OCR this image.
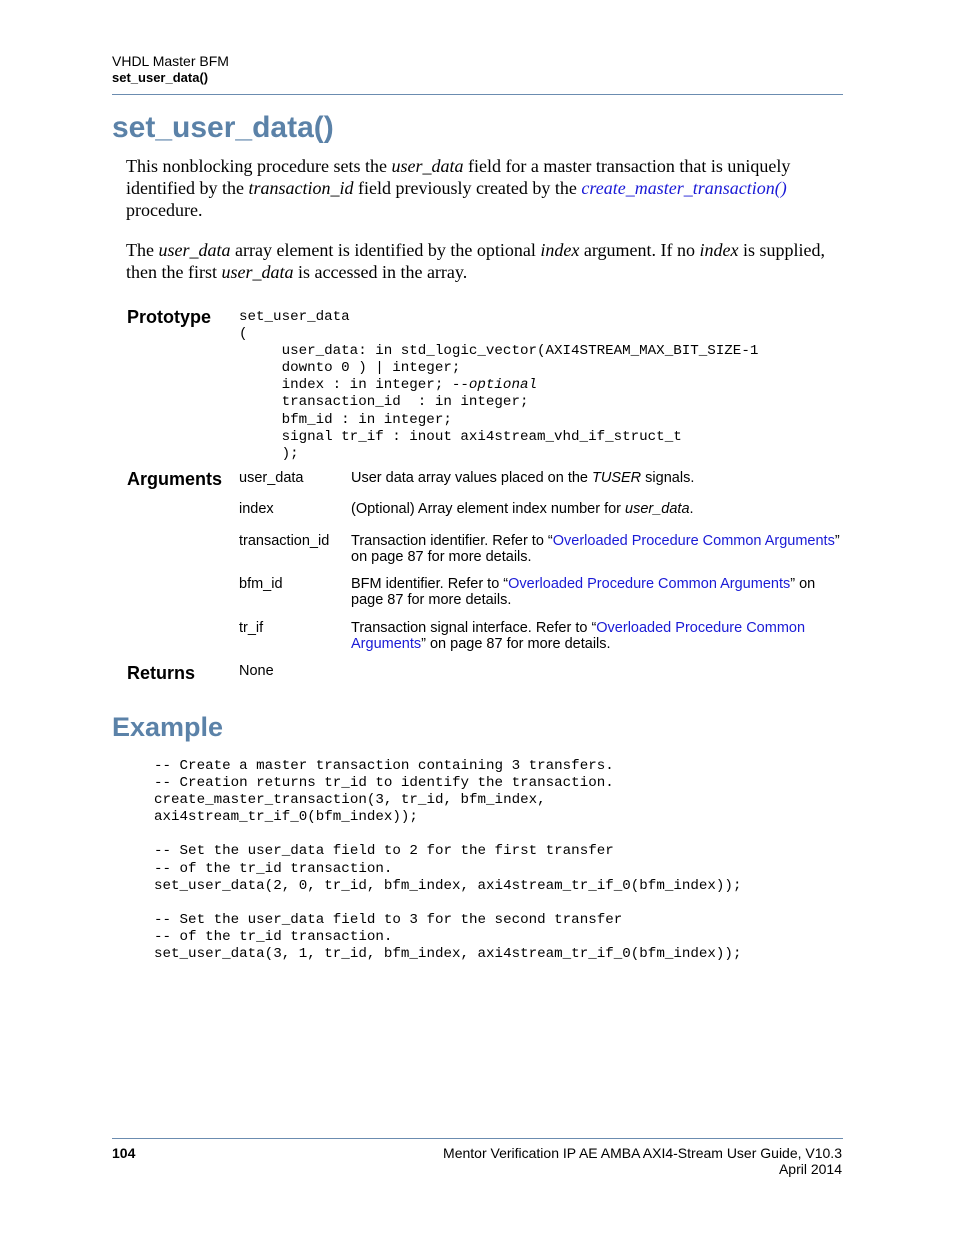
VHDL Master BFM
set_user_data()
set_user_data()

This nonblocking procedure sets the user_data field for a master transaction that is uniquely identified by the transaction_id field previously created by the create_master_transaction() procedure.

The user_data array element is identified by the optional index argument. If no index is supplied, then the first user_data is accessed in the array.

Prototype set_user_data
(
user_data: in std_logic_vector(AXI4STREAM_MAX_BIT_SIZE-1
downto 0 ) | integer;
index : in integer; --optional
transaction_id  : in integer;
bfm_id : in integer;
signal tr_if : inout axi4stream_vhd_if_struct_t
);
Arguments user_data	User data array values placed on the TUSER signals.
index	(Optional) Array element index number for user_data.
transaction_id Transaction identifier. Refer to “Overloaded Procedure Common Arguments” on page 87 for more details.
bfm_id	BFM identifier. Refer to “Overloaded Procedure Common Arguments” on page 87 for more details.
tr_if	Transaction signal interface. Refer to “Overloaded Procedure Common Arguments” on page 87 for more details.
Returns	None
Example
-- Create a master transaction containing 3 transfers.
-- Creation returns tr_id to identify the transaction.
create_master_transaction(3, tr_id, bfm_index,
axi4stream_tr_if_0(bfm_index));

-- Set the user_data field to 2 for the first transfer
-- of the tr_id transaction.
set_user_data(2, 0, tr_id, bfm_index, axi4stream_tr_if_0(bfm_index));

-- Set the user_data field to 3 for the second transfer
-- of the tr_id transaction.
set_user_data(3, 1, tr_id, bfm_index, axi4stream_tr_if_0(bfm_index));
104	Mentor Verification IP AE AMBA AXI4-Stream User Guide, V10.3
April 2014
